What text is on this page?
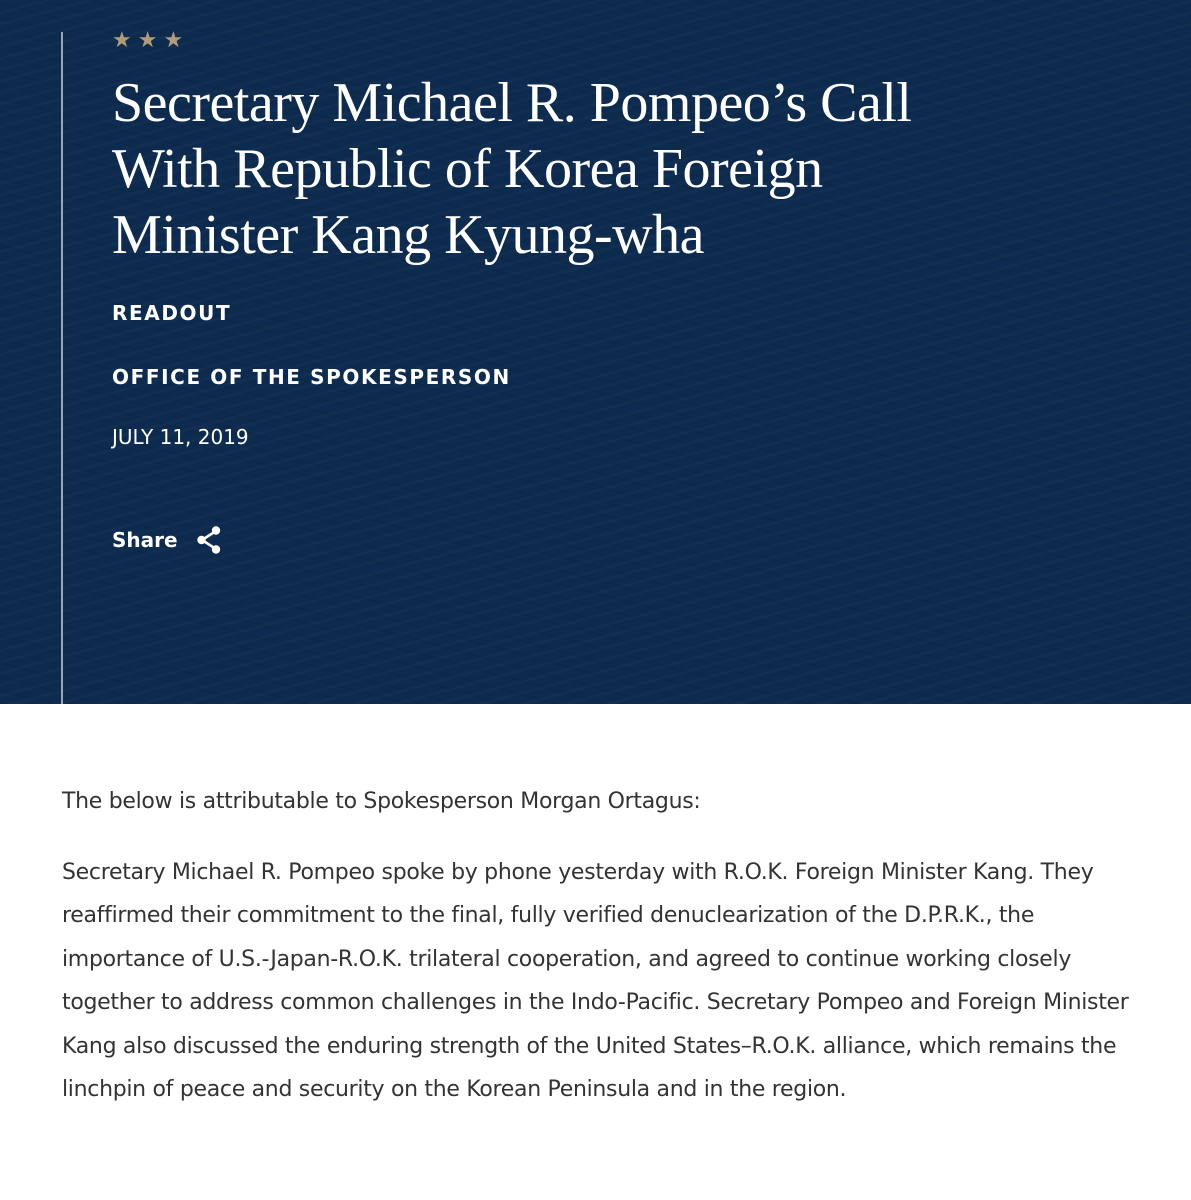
★ ★ ★
Secretary Michael R. Pompeo’s Call With Republic of Korea Foreign Minister Kang Kyung-wha
READOUT
OFFICE OF THE SPOKESPERSON
JULY 11, 2019
Share

The below is attributable to Spokesperson Morgan Ortagus:

Secretary Michael R. Pompeo spoke by phone yesterday with R.O.K. Foreign Minister Kang. They reaffirmed their commitment to the final, fully verified denuclearization of the D.P.R.K., the importance of U.S.-Japan-R.O.K. trilateral cooperation, and agreed to continue working closely together to address common challenges in the Indo-Pacific. Secretary Pompeo and Foreign Minister Kang also discussed the enduring strength of the United States–R.O.K. alliance, which remains the linchpin of peace and security on the Korean Peninsula and in the region.
